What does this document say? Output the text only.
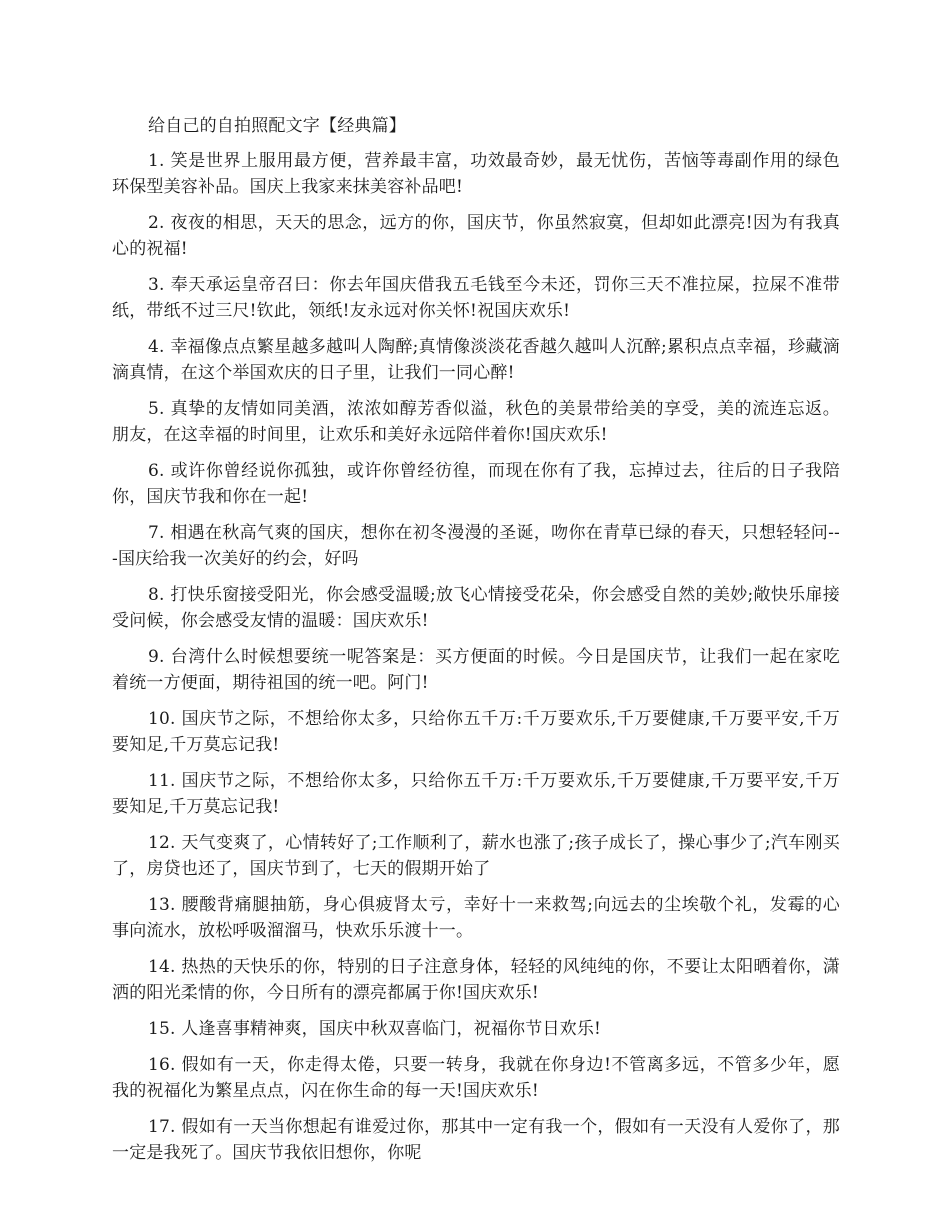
给自己的自拍照配文字【经典篇】
1. 笑是世界上服用最方便，营养最丰富，功效最奇妙，最无忧伤，苦恼等毒副作用的绿色环保型美容补品。国庆上我家来抹美容补品吧!
2. 夜夜的相思，天天的思念，远方的你，国庆节，你虽然寂寞，但却如此漂亮!因为有我真心的祝福!
3. 奉天承运皇帝召曰：你去年国庆借我五毛钱至今未还，罚你三天不准拉屎，拉屎不准带纸，带纸不过三尺!钦此，领纸!友永远对你关怀!祝国庆欢乐!
4. 幸福像点点繁星越多越叫人陶醉;真情像淡淡花香越久越叫人沉醉;累积点点幸福，珍藏滴滴真情，在这个举国欢庆的日子里，让我们一同心醉!
5. 真挚的友情如同美酒，浓浓如醇芳香似溢，秋色的美景带给美的享受，美的流连忘返。朋友，在这幸福的时间里，让欢乐和美好永远陪伴着你!国庆欢乐!
6. 或许你曾经说你孤独，或许你曾经彷徨，而现在你有了我，忘掉过去，往后的日子我陪你，国庆节我和你在一起!
7. 相遇在秋高气爽的国庆，想你在初冬漫漫的圣诞，吻你在青草已绿的春天，只想轻轻问---国庆给我一次美好的约会，好吗
8. 打快乐窗接受阳光，你会感受温暖;放飞心情接受花朵，你会感受自然的美妙;敞快乐扉接受问候，你会感受友情的温暖：国庆欢乐!
9. 台湾什么时候想要统一呢答案是：买方便面的时候。今日是国庆节，让我们一起在家吃着统一方便面，期待祖国的统一吧。阿门!
10. 国庆节之际，不想给你太多，只给你五千万:千万要欢乐,千万要健康,千万要平安,千万要知足,千万莫忘记我!
11. 国庆节之际，不想给你太多，只给你五千万:千万要欢乐,千万要健康,千万要平安,千万要知足,千万莫忘记我!
12. 天气变爽了，心情转好了;工作顺利了，薪水也涨了;孩子成长了，操心事少了;汽车刚买了，房贷也还了，国庆节到了，七天的假期开始了
13. 腰酸背痛腿抽筋，身心俱疲肾太亏，幸好十一来救驾;向远去的尘埃敬个礼，发霉的心事向流水，放松呼吸溜溜马，快欢乐乐渡十一。
14. 热热的天快乐的你，特别的日子注意身体，轻轻的风纯纯的你，不要让太阳晒着你，潇洒的阳光柔情的你，今日所有的漂亮都属于你!国庆欢乐!
15. 人逢喜事精神爽，国庆中秋双喜临门，祝福你节日欢乐!
16. 假如有一天，你走得太倦，只要一转身，我就在你身边!不管离多远，不管多少年，愿我的祝福化为繁星点点，闪在你生命的每一天!国庆欢乐!
17. 假如有一天当你想起有谁爱过你，那其中一定有我一个，假如有一天没有人爱你了，那一定是我死了。国庆节我依旧想你，你呢
